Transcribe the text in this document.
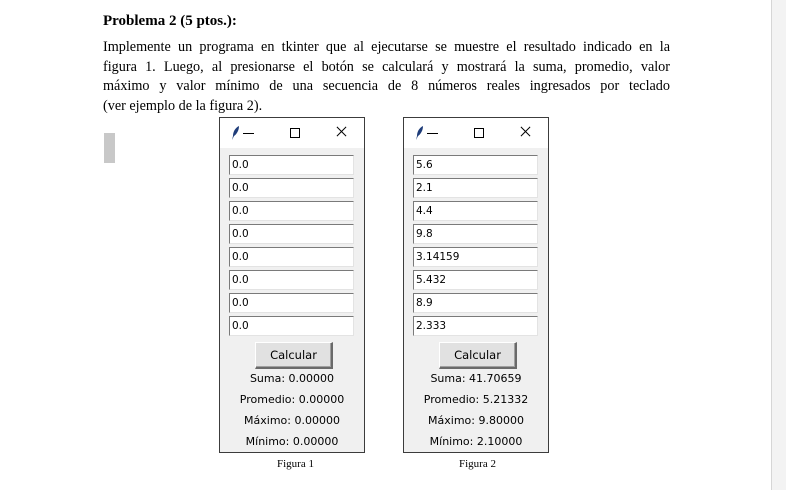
Problema 2 (5 ptos.):
Implemente un programa en tkinter que al ejecutarse se muestre el resultado indicado en la
figura 1. Luego, al presionarse el botón se calculará y mostrará la suma, promedio, valor
máximo y valor mínimo de una secuencia de 8 números reales ingresados por teclado
(ver ejemplo de la figura 2).
0.0
0.0
0.0
0.0
0.0
0.0
0.0
0.0
Calcular
Suma: 0.00000
Promedio: 0.00000
Máximo: 0.00000
Mínimo: 0.00000
Figura 1
5.6
2.1
4.4
9.8
3.14159
5.432
8.9
2.333
Calcular
Suma: 41.70659
Promedio: 5.21332
Máximo: 9.80000
Mínimo: 2.10000
Figura 2
